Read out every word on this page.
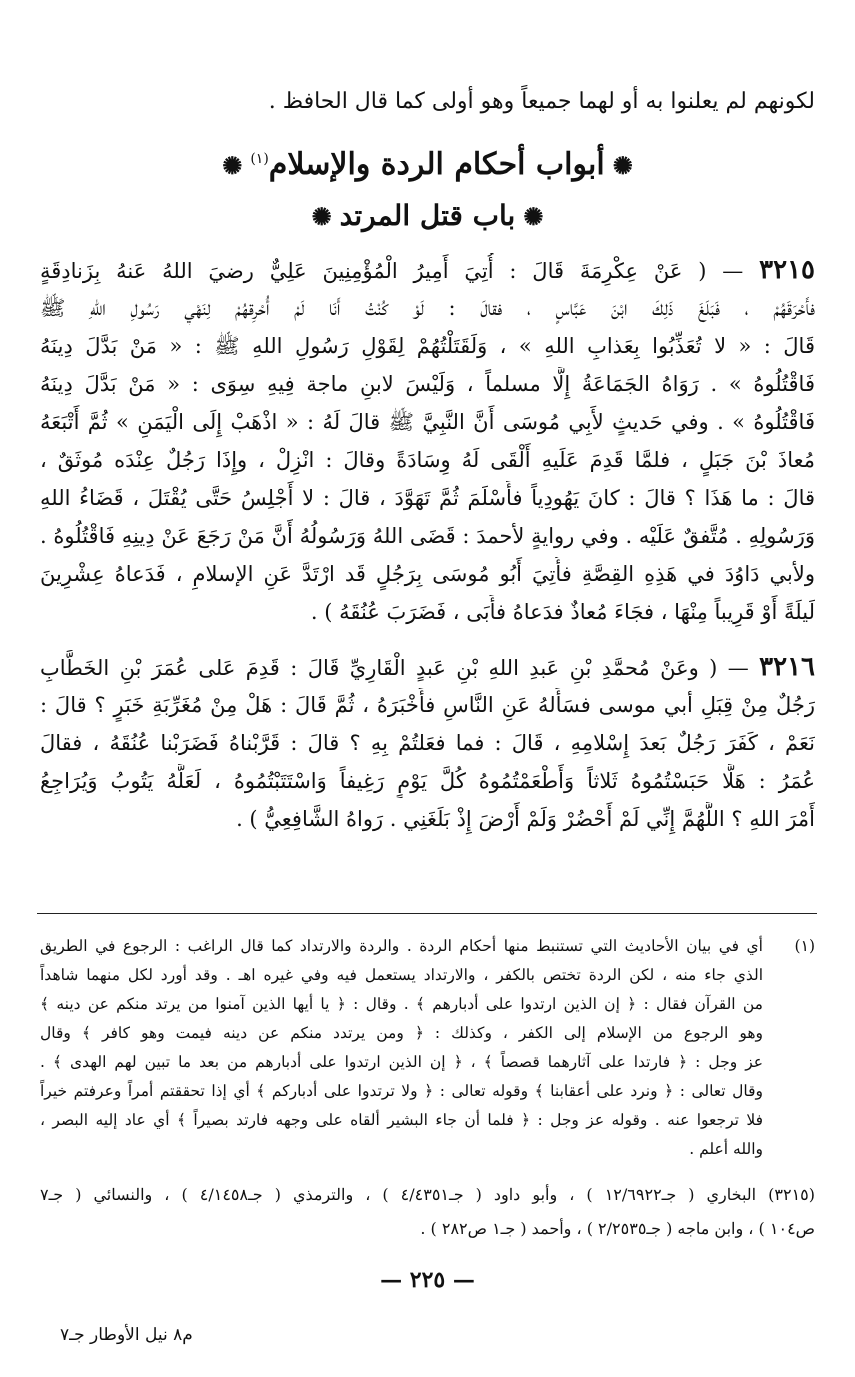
لكونهم لم يعلنوا به أو لهما جميعاً وهو أولى كما قال الحافظ .
✺أبواب أحكام الردة والإسلام$^{(١)}$✺
✺باب قتل المرتد✺
٣٢١٥ — ( عَنْ عِكْرِمَةَ قَالَ : أُتِيَ أَمِيرُ الْمُؤْمِنِينَ عَلِيٌّ رضيَ اللهُ عَنهُ بِزَنادِقَةٍ
فأَحْرَقَهُمْ ، فَبَلَغَ ذَلِكَ ابْنَ عَبَّاسٍ ، فقالَ : لَوْ كُنْتُ أَنَا لَمْ أُحْرِقهُمْ لِنَهْيِ رَسُولِ اللهِ ﷺ
قَالَ : « لا تُعَذِّبُوا بِعَذابِ اللهِ » ، وَلَقَتَلْتُهُمْ لِقَوْلِ رَسُولِ اللهِ ﷺ : « مَنْ بَدَّلَ دِينَهُ
فَاقْتُلُوهُ » . رَوَاهُ الجَمَاعَةُ إِلَّا مسلماً ، وَلَيْسَ لابنِ ماجة فِيهِ سِوَى : « مَنْ بَدَّلَ دِينَهُ
فَاقْتُلُوهُ » . وفي حَديثٍ لأَبِي مُوسَى أَنَّ النَّبِيَّ ﷺ قالَ لَهُ : « اذْهَبْ إِلَى الْيَمَنِ » ثُمَّ أَتْبَعَهُ
مُعاذَ بْنَ جَبَلٍ ، فلمَّا قَدِمَ عَلَيهِ أَلْقَى لَهُ وِسَادَةً وقالَ : انْزِلْ ، وإِذَا رَجُلٌ عِنْدَه مُوثَقٌ ،
قالَ : ما هَذَا ؟ قالَ : كانَ يَهُودِياً فأَسْلَمَ ثُمَّ تَهَوَّدَ ، قالَ : لا أَجْلِسُ حَتَّى يُقْتَلَ ، قَضَاءُ اللهِ
وَرَسُولِهِ . مُتَّفقٌ عَلَيْه . وفي روايةٍ لأحمدَ : قَضَى اللهُ وَرَسُولُهُ أَنَّ مَنْ رَجَعَ عَنْ دِينِهِ فَاقْتُلُوهُ .
ولأبي دَاوُدَ في هَذِهِ القِصَّةِ فأُتِيَ أَبُو مُوسَى بِرَجُلٍ قَد ارْتَدَّ عَنِ الإسلامِ ، فَدَعاهُ عِشْرِينَ
لَيلَةً أَوْ قَرِيباً مِنْهَا ، فجَاءَ مُعاذٌ فدَعاهُ فأَبَى ، فَضَرَبَ عُنُقَهُ ) .
٣٢١٦ — ( وعَنْ مُحمَّدِ بْنِ عَبدِ اللهِ بْنِ عَبدٍ الْقَارِيِّ قَالَ : قَدِمَ عَلى عُمَرَ بْنِ الخَطَّابِ
رَجُلٌ مِنْ قِبَلِ أبي موسى فسَأَلهُ عَنِ النَّاسِ فأَخْبَرَهُ ، ثُمَّ قَالَ : هَلْ مِنْ مُغَرِّبَةِ خَبَرٍ ؟ قالَ :
نَعَمْ ، كَفَرَ رَجُلٌ بَعدَ إِسْلامِهِ ، قَالَ : فما فعَلتُمْ بِهِ ؟ قالَ : قَرَّبْناهُ فَضَرَبْنا عُنُقَهُ ، فقالَ
عُمَرُ : هَلَّا حَبَسْتُمُوهُ ثَلاثاً وَأَطْعَمْتُمُوهُ كُلَّ يَوْمٍ رَغِيفاً وَاسْتَتَبْتُمُوهُ ، لَعَلَّهُ يَتُوبُ وَيُرَاجِعُ
أَمْرَ اللهِ ؟ اللَّهُمَّ إِنِّي لَمْ أَحْضُرْ وَلَمْ أَرْضَ إِذْ بَلَغَنِي . رَواهُ الشَّافِعِيُّ ) .
(١)
أي في بيان الأحاديث التي تستنبط منها أحكام الردة . والردة والارتداد كما قال الراغب : الرجوع في الطريق
الذي جاء منه ، لكن الردة تختص بالكفر ، والارتداد يستعمل فيه وفي غيره اهـ . وقد أورد لكل منهما شاهداً
من القرآن فقال : ﴿ إن الذين ارتدوا على أدبارهم ﴾ . وقال : ﴿ يا أيها الذين آمنوا من يرتد منكم عن دينه ﴾
وهو الرجوع من الإسلام إلى الكفر ، وكذلك : ﴿ ومن يرتدد منكم عن دينه فيمت وهو كافر ﴾ وقال
عز وجل : ﴿ فارتدا على آثارهما قصصاً ﴾ ، ﴿ إن الذين ارتدوا على أدبارهم من بعد ما تبين لهم الهدى ﴾ .
وقال تعالى : ﴿ ونرد على أعقابنا ﴾ وقوله تعالى : ﴿ ولا ترتدوا على أدباركم ﴾ أي إذا تحققتم أمراً وعرفتم خيراً
فلا ترجعوا عنه . وقوله عز وجل : ﴿ فلما أن جاء البشير ألقاه على وجهه فارتد بصيراً ﴾ أي عاد إليه البصر ،
والله أعلم .
(٣٢١٥) البخاري ( جـ١٢/٦٩٢٢ ) ، وأبو داود ( جـ٤/٤٣٥١ ) ، والترمذي ( جـ٤/١٤٥٨ ) ، والنسائي ( جـ٧
ص١٠٤ ) ، وابن ماجه ( جـ٢/٢٥٣٥ ) ، وأحمد ( جـ١ ص٢٨٢ ) .
— ٢٢٥ —
م٨ نيل الأوطار جـ٧
